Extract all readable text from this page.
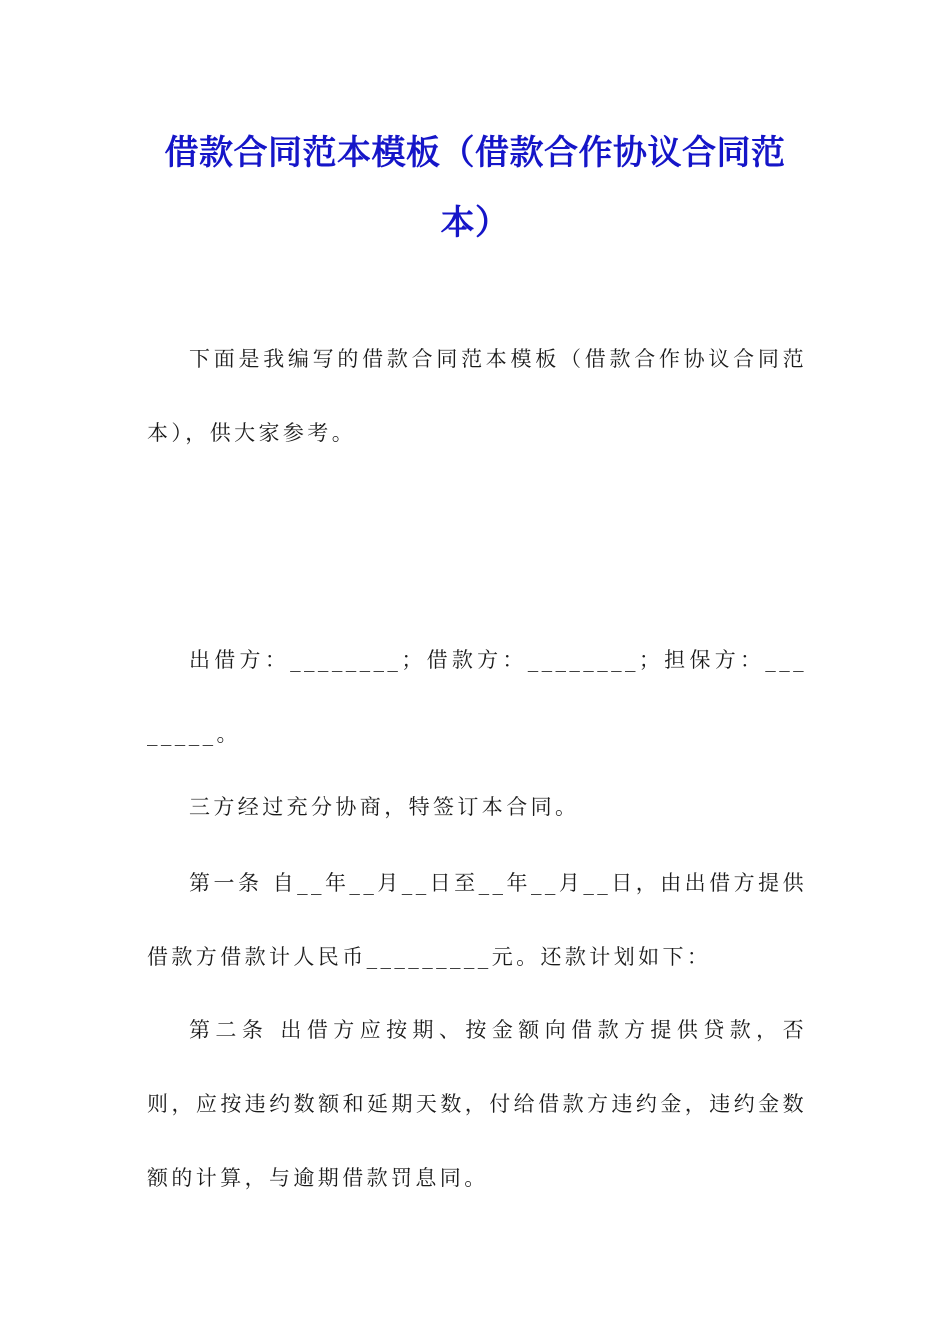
借款合同范本模板（借款合作协议合同范本）

下面是我编写的借款合同范本模板（借款合作协议合同范本），供大家参考。

出借方：________；借款方：________；担保方：________。

三方经过充分协商，特签订本合同。

第一条 自__年__月__日至__年__月__日，由出借方提供借款方借款计人民币_________元。还款计划如下：

第二条 出借方应按期、按金额向借款方提供贷款，否则，应按违约数额和延期天数，付给借款方违约金，违约金数额的计算，与逾期借款罚息同。
